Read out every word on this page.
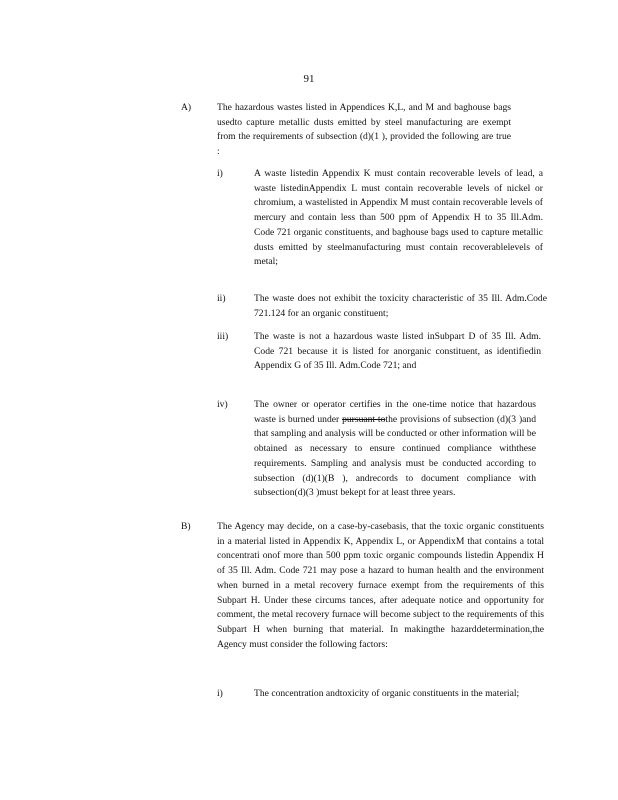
91
A)	The hazardous wastes listed in Appendices K,L, and M and baghouse bags usedto capture metallic dusts emitted by steel manufacturing are exempt from the requirements of subsection (d)(1 ), provided the following are true :
i)	A waste listedin Appendix K must contain recoverable levels of lead, a waste listedinAppendix L must contain recoverable levels of nickel or chromium, a wastelisted in Appendix M must contain recoverable levels of mercury and contain less than 500 ppm of Appendix H to 35 Ill.Adm. Code 721 organic constituents, and baghouse bags used to capture metallic dusts emitted by steelmanufacturing must contain recoverablelevels of metal;
ii)	The waste does not exhibit the toxicity characteristic of 35 Ill. Adm.Code 721.124 for an organic constituent;
iii)	The waste is not a hazardous waste listed inSubpart D of 35 Ill. Adm. Code 721 because it is listed for anorganic constituent, as identifiedin Appendix G of 35 Ill. Adm.Code 721; and
iv)	The owner or operator certifies in the one-time notice that hazardous waste is burned under pursuant tothe provisions of subsection (d)(3 )and that sampling and analysis will be conducted or other information will be obtained as necessary to ensure continued compliance withthese requirements. Sampling and analysis must be conducted according to subsection (d)(1)(B ), andrecords to document compliance with subsection(d)(3 )must bekept for at least three years.
B)	The Agency may decide, on a case-by-casebasis, that the toxic organic constituents in a material listed in Appendix K, Appendix L, or AppendixM that contains a total concentrati onof more than 500 ppm toxic organic compounds listedin Appendix H of 35 Ill. Adm. Code 721 may pose a hazard to human health and the environment when burned in a metal recovery furnace exempt from the requirements of this Subpart H. Under these circums tances, after adequate notice and opportunity for comment, the metal recovery furnace will become subject to the requirements of this Subpart H when burning that material. In makingthe hazarddetermination,the Agency must consider the following factors:
i)	The concentration andtoxicity of organic constituents in the material;
